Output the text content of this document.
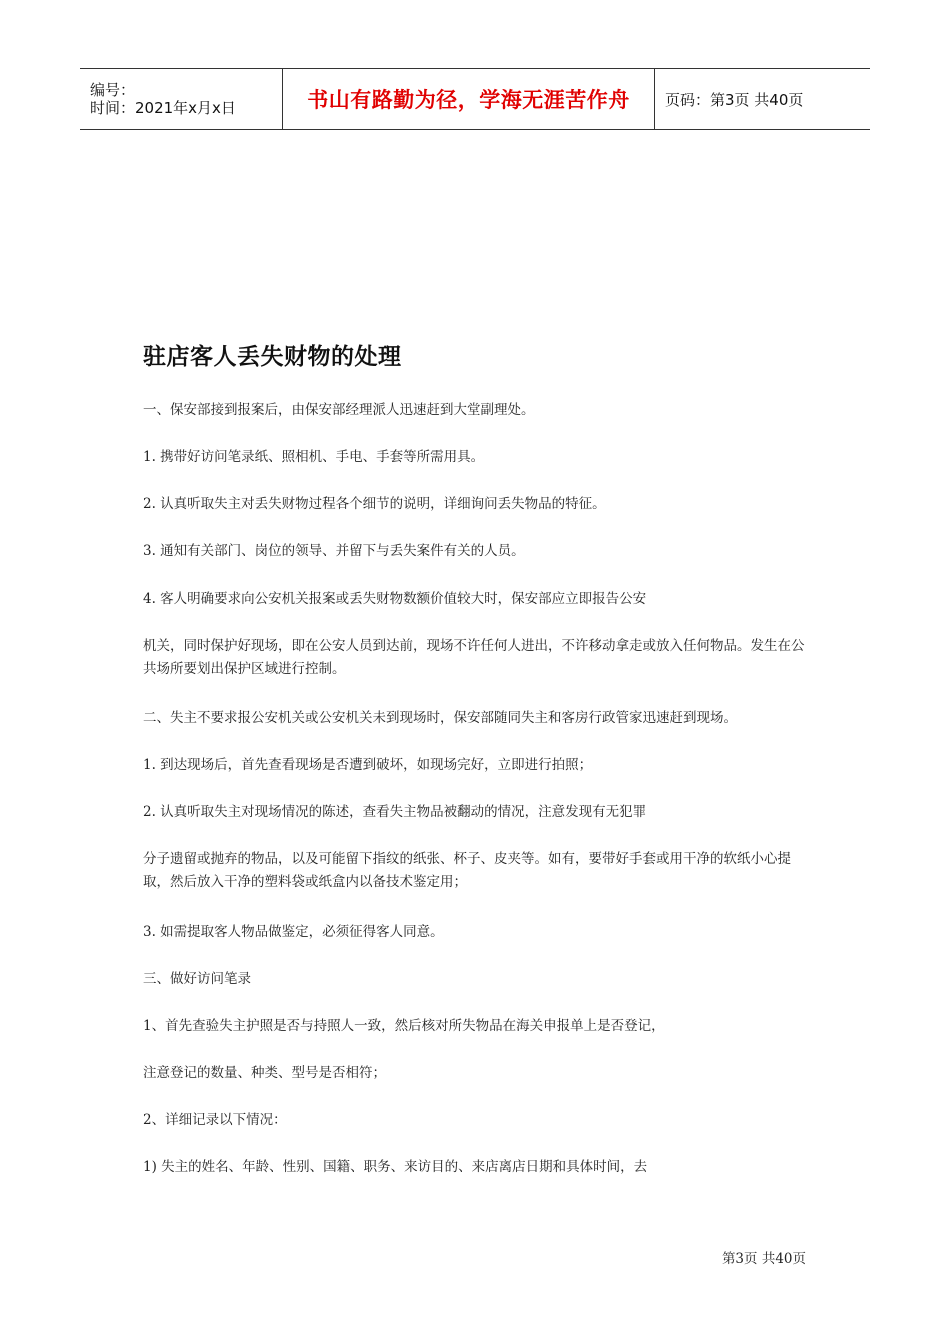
编号：
时间：2021年x月x日	书山有路勤为径，学海无涯苦作舟	页码：第3页 共40页
驻店客人丢失财物的处理

一、保安部接到报案后，由保安部经理派人迅速赶到大堂副理处。

1. 携带好访问笔录纸、照相机、手电、手套等所需用具。

2. 认真听取失主对丢失财物过程各个细节的说明，详细询问丢失物品的特征。

3. 通知有关部门、岗位的领导、并留下与丢失案件有关的人员。

4. 客人明确要求向公安机关报案或丢失财物数额价值较大时，保安部应立即报告公安

机关，同时保护好现场，即在公安人员到达前，现场不许任何人进出，不许移动拿走或放入任何物品。发生在公共场所要划出保护区域进行控制。

二、失主不要求报公安机关或公安机关未到现场时，保安部随同失主和客房行政管家迅速赶到现场。

1. 到达现场后，首先查看现场是否遭到破坏，如现场完好，立即进行拍照；

2. 认真听取失主对现场情况的陈述，查看失主物品被翻动的情况，注意发现有无犯罪

分子遗留或抛弃的物品，以及可能留下指纹的纸张、杯子、皮夹等。如有，要带好手套或用干净的软纸小心提取，然后放入干净的塑料袋或纸盒内以备技术鉴定用；

3. 如需提取客人物品做鉴定，必须征得客人同意。

三、做好访问笔录

1、首先查验失主护照是否与持照人一致，然后核对所失物品在海关申报单上是否登记，

注意登记的数量、种类、型号是否相符；

2、详细记录以下情况：

1) 失主的姓名、年龄、性别、国籍、职务、来访目的、来店离店日期和具体时间，去

第3页 共40页
